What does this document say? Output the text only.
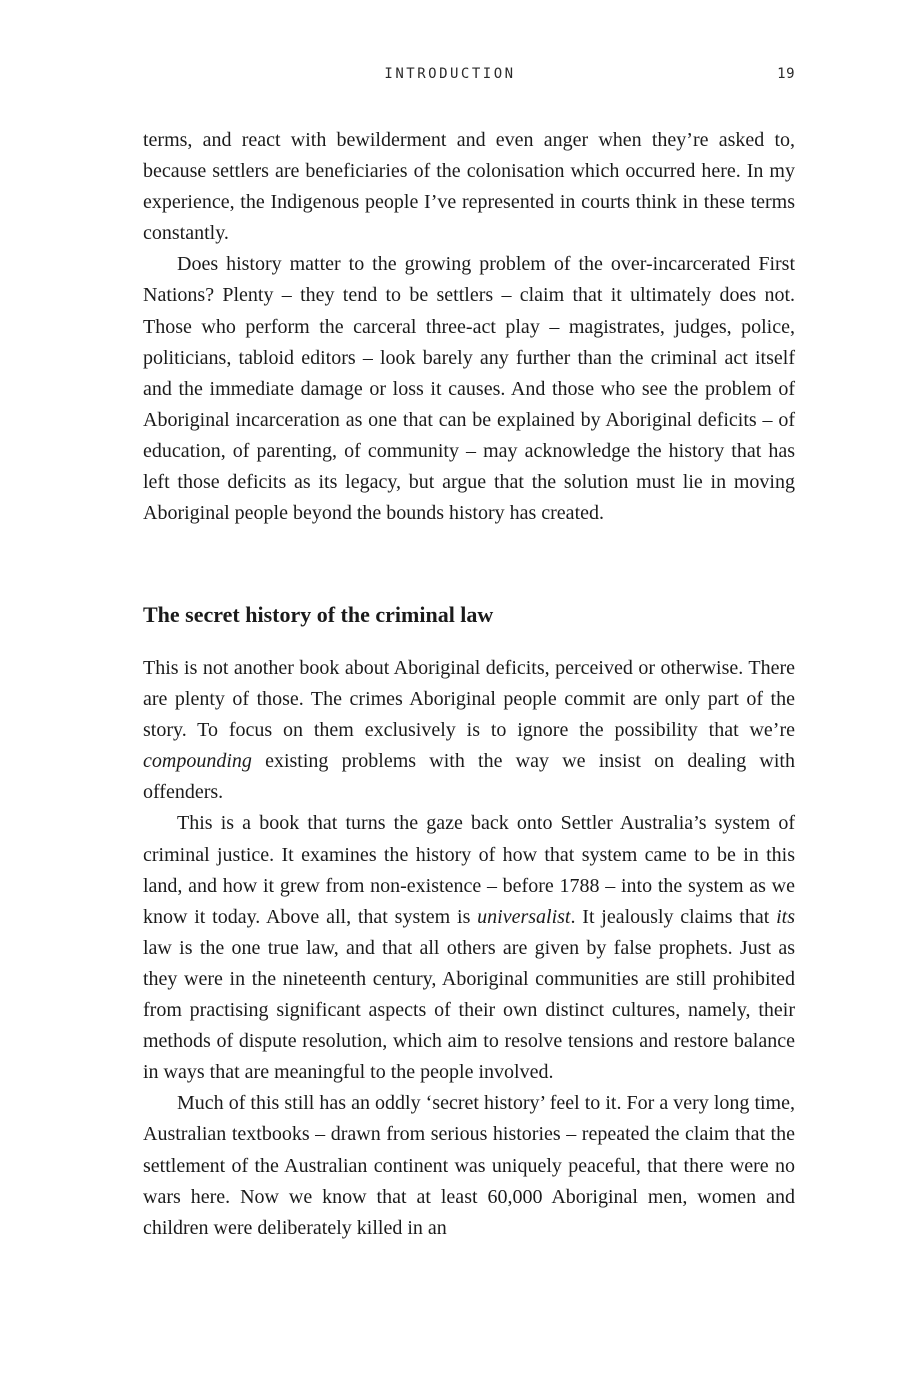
INTRODUCTION	19

terms, and react with bewilderment and even anger when they’re asked to, because settlers are beneficiaries of the colonisation which occurred here. In my experience, the Indigenous people I’ve represented in courts think in these terms constantly.

Does history matter to the growing problem of the over-incarcerated First Nations? Plenty – they tend to be settlers – claim that it ultimately does not. Those who perform the carceral three-act play – magistrates, judges, police, politicians, tabloid editors – look barely any further than the criminal act itself and the immediate damage or loss it causes. And those who see the problem of Aboriginal incarceration as one that can be explained by Aboriginal deficits – of education, of parenting, of community – may acknowledge the history that has left those deficits as its legacy, but argue that the solution must lie in moving Aboriginal people beyond the bounds history has created.

The secret history of the criminal law

This is not another book about Aboriginal deficits, perceived or otherwise. There are plenty of those. The crimes Aboriginal people commit are only part of the story. To focus on them exclusively is to ignore the possibility that we’re compounding existing problems with the way we insist on dealing with offenders.

This is a book that turns the gaze back onto Settler Australia’s system of criminal justice. It examines the history of how that system came to be in this land, and how it grew from non-existence – before 1788 – into the system as we know it today. Above all, that system is universalist. It jealously claims that its law is the one true law, and that all others are given by false prophets. Just as they were in the nineteenth century, Aboriginal communities are still prohibited from practising significant aspects of their own distinct cultures, namely, their methods of dispute resolution, which aim to resolve tensions and restore balance in ways that are meaningful to the people involved.

Much of this still has an oddly ‘secret history’ feel to it. For a very long time, Australian textbooks – drawn from serious histories – repeated the claim that the settlement of the Australian continent was uniquely peaceful, that there were no wars here. Now we know that at least 60,000 Aboriginal men, women and children were deliberately killed in an
